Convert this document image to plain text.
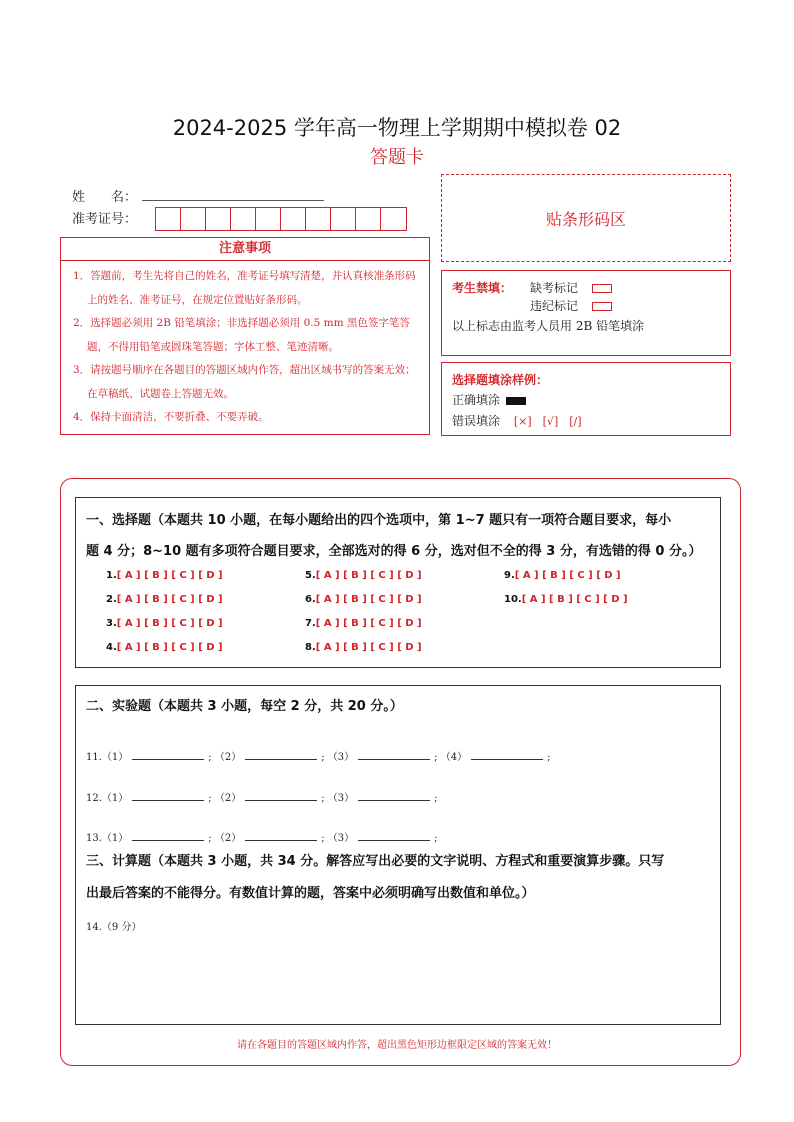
2024-2025 学年高一物理上学期期中模拟卷 02
答题卡
姓　　名：
准考证号：	贴条形码区
注意事项
1．答题前，考生先将自己的姓名，准考证号填写清楚，并认真核准条形码上的姓名、准考证号，在规定位置贴好条形码。
2．选择题必须用 2B 铅笔填涂；非选择题必须用 0.5 mm 黑色签字笔答题，不得用铅笔或圆珠笔答题；字体工整、笔迹清晰。
3．请按题号顺序在各题目的答题区域内作答，超出区域书写的答案无效；在草稿纸、试题卷上答题无效。
4．保持卡面清洁，不要折叠、不要弄破。
考生禁填： 缺考标记
违纪标记
以上标志由监考人员用 2B 铅笔填涂
选择题填涂样例：
正确填涂
错误填涂 [×]　[√]　[/]
一、选择题（本题共 10 小题，在每小题给出的四个选项中，第 1~7 题只有一项符合题目要求，每小
题 4 分；8~10 题有多项符合题目要求，全部选对的得 6 分，选对但不全的得 3 分，有选错的得 0 分。）
1.[ A ] [ B ] [ C ] [ D ]
2.[ A ] [ B ] [ C ] [ D ]
3.[ A ] [ B ] [ C ] [ D ]
4.[ A ] [ B ] [ C ] [ D ]
5.[ A ] [ B ] [ C ] [ D ]
6.[ A ] [ B ] [ C ] [ D ]
7.[ A ] [ B ] [ C ] [ D ]
8.[ A ] [ B ] [ C ] [ D ]
9.[ A ] [ B ] [ C ] [ D ]
10.[ A ] [ B ] [ C ] [ D ]
二、实验题（本题共 3 小题，每空 2 分，共 20 分。）
11.（1）	; （2）	; （3）	; （4）	;
12.（1）	; （2）	; （3）	;
13.（1）	; （2）	; （3）	;
三、计算题（本题共 3 小题，共 34 分。解答应写出必要的文字说明、方程式和重要演算步骤。只写
出最后答案的不能得分。有数值计算的题，答案中必须明确写出数值和单位。）
14.（9 分）
请在各题目的答题区域内作答，超出黑色矩形边框限定区域的答案无效！
